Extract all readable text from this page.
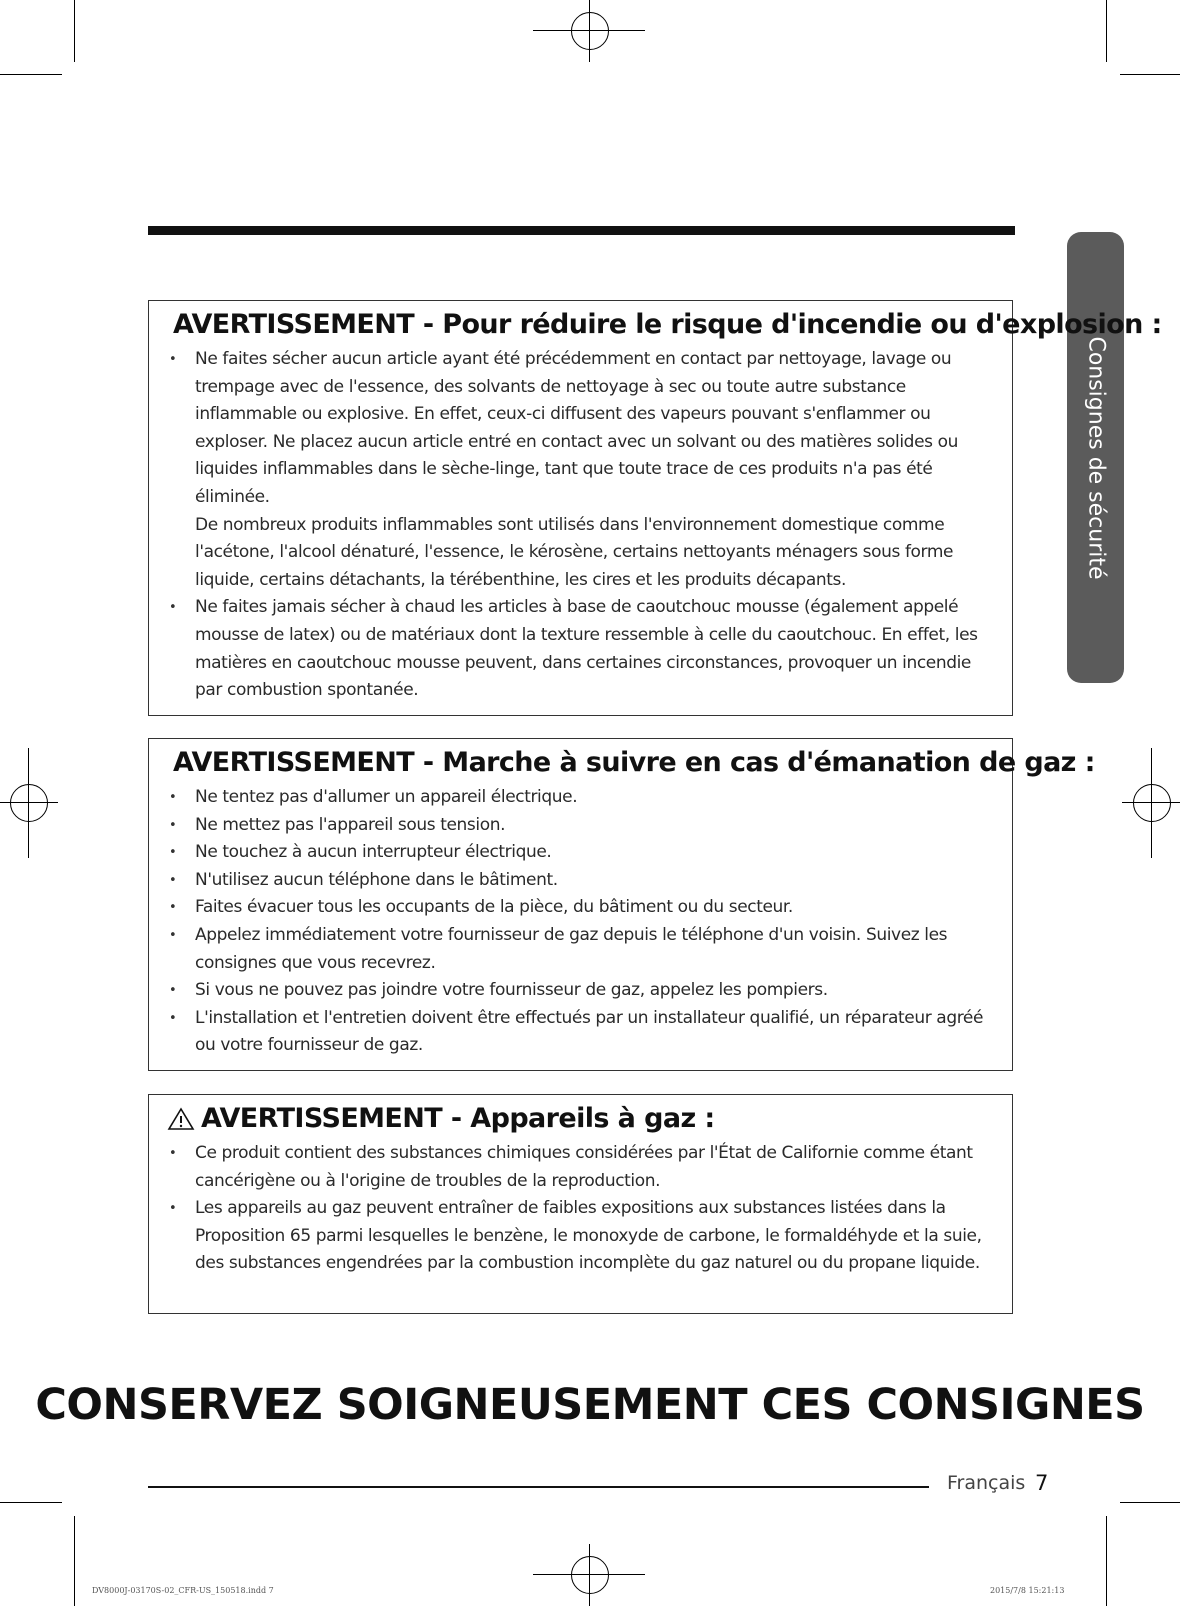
Consignes de sécurité
AVERTISSEMENT - Pour réduire le risque d'incendie ou d'explosion :
• Ne faites sécher aucun article ayant été précédemment en contact par nettoyage, lavage ou trempage avec de l'essence, des solvants de nettoyage à sec ou toute autre substance inflammable ou explosive. En effet, ceux-ci diffusent des vapeurs pouvant s'enflammer ou exploser. Ne placez aucun article entré en contact avec un solvant ou des matières solides ou liquides inflammables dans le sèche-linge, tant que toute trace de ces produits n'a pas été éliminée.
De nombreux produits inflammables sont utilisés dans l'environnement domestique comme l'acétone, l'alcool dénaturé, l'essence, le kérosène, certains nettoyants ménagers sous forme liquide, certains détachants, la térébenthine, les cires et les produits décapants.
• Ne faites jamais sécher à chaud les articles à base de caoutchouc mousse (également appelé mousse de latex) ou de matériaux dont la texture ressemble à celle du caoutchouc. En effet, les matières en caoutchouc mousse peuvent, dans certaines circonstances, provoquer un incendie par combustion spontanée.
AVERTISSEMENT - Marche à suivre en cas d'émanation de gaz :
• Ne tentez pas d'allumer un appareil électrique.
• Ne mettez pas l'appareil sous tension.
• Ne touchez à aucun interrupteur électrique.
• N'utilisez aucun téléphone dans le bâtiment.
• Faites évacuer tous les occupants de la pièce, du bâtiment ou du secteur.
• Appelez immédiatement votre fournisseur de gaz depuis le téléphone d'un voisin. Suivez les consignes que vous recevrez.
• Si vous ne pouvez pas joindre votre fournisseur de gaz, appelez les pompiers.
• L'installation et l'entretien doivent être effectués par un installateur qualifié, un réparateur agréé ou votre fournisseur de gaz.
AVERTISSEMENT - Appareils à gaz :
• Ce produit contient des substances chimiques considérées par l'État de Californie comme étant cancérigène ou à l'origine de troubles de la reproduction.
• Les appareils au gaz peuvent entraîner de faibles expositions aux substances listées dans la Proposition 65 parmi lesquelles le benzène, le monoxyde de carbone, le formaldéhyde et la suie, des substances engendrées par la combustion incomplète du gaz naturel ou du propane liquide.
CONSERVEZ SOIGNEUSEMENT CES CONSIGNES
Français 7
DV8000J-03170S-02_CFR-US_150518.indd 7	2015/7/8 15:21:13
